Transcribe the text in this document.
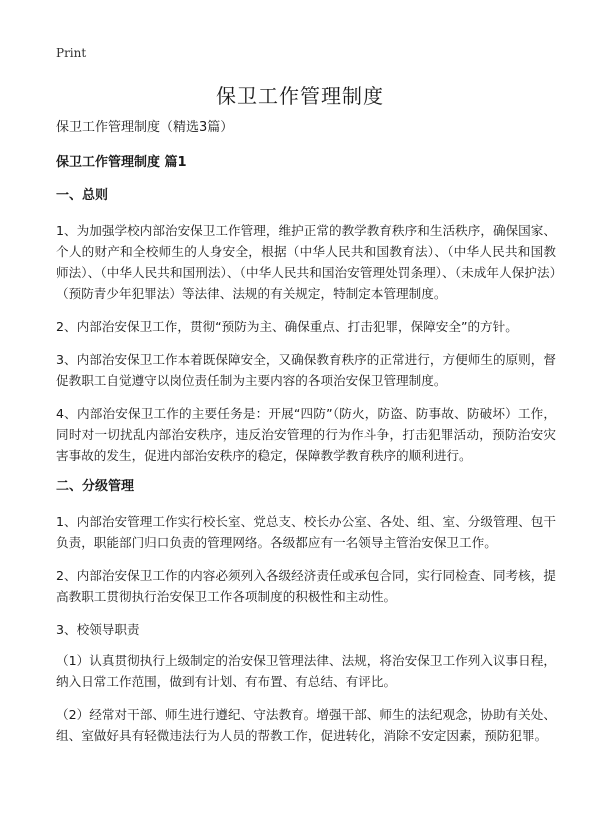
Print
保卫工作管理制度

保卫工作管理制度（精选3篇）

保卫工作管理制度 篇1

一、总则

1、为加强学校内部治安保卫工作管理，维护正常的教学教育秩序和生活秩序，确保国家、个人的财产和全校师生的人身安全，根据（中华人民共和国教育法）、（中华人民共和国教师法）、（中华人民共和国刑法）、（中华人民共和国治安管理处罚条理）、（未成年人保护法）（预防青少年犯罪法）等法律、法规的有关规定，特制定本管理制度。

2、内部治安保卫工作，贯彻“预防为主、确保重点、打击犯罪，保障安全”的方针。

3、内部治安保卫工作本着既保障安全，又确保教育秩序的正常进行，方便师生的原则，督促教职工自觉遵守以岗位责任制为主要内容的各项治安保卫管理制度。

4、内部治安保卫工作的主要任务是：开展“四防”（防火，防盗、防事故、防破坏）工作，同时对一切扰乱内部治安秩序，违反治安管理的行为作斗争，打击犯罪活动，预防治安灾害事故的发生，促进内部治安秩序的稳定，保障教学教育秩序的顺利进行。

二、分级管理

1、内部治安管理工作实行校长室、党总支、校长办公室、各处、组、室、分级管理、包干负责，职能部门归口负责的管理网络。各级都应有一名领导主管治安保卫工作。

2、内部治安保卫工作的内容必须列入各级经济责任或承包合同，实行同检查、同考核，提高教职工贯彻执行治安保卫工作各项制度的积极性和主动性。

3、校领导职责

（1）认真贯彻执行上级制定的治安保卫管理法律、法规，将治安保卫工作列入议事日程，纳入日常工作范围，做到有计划、有布置、有总结、有评比。

（2）经常对干部、师生进行遵纪、守法教育。增强干部、师生的法纪观念，协助有关处、组、室做好具有轻微违法行为人员的帮教工作，促进转化，消除不安定因素，预防犯罪。
